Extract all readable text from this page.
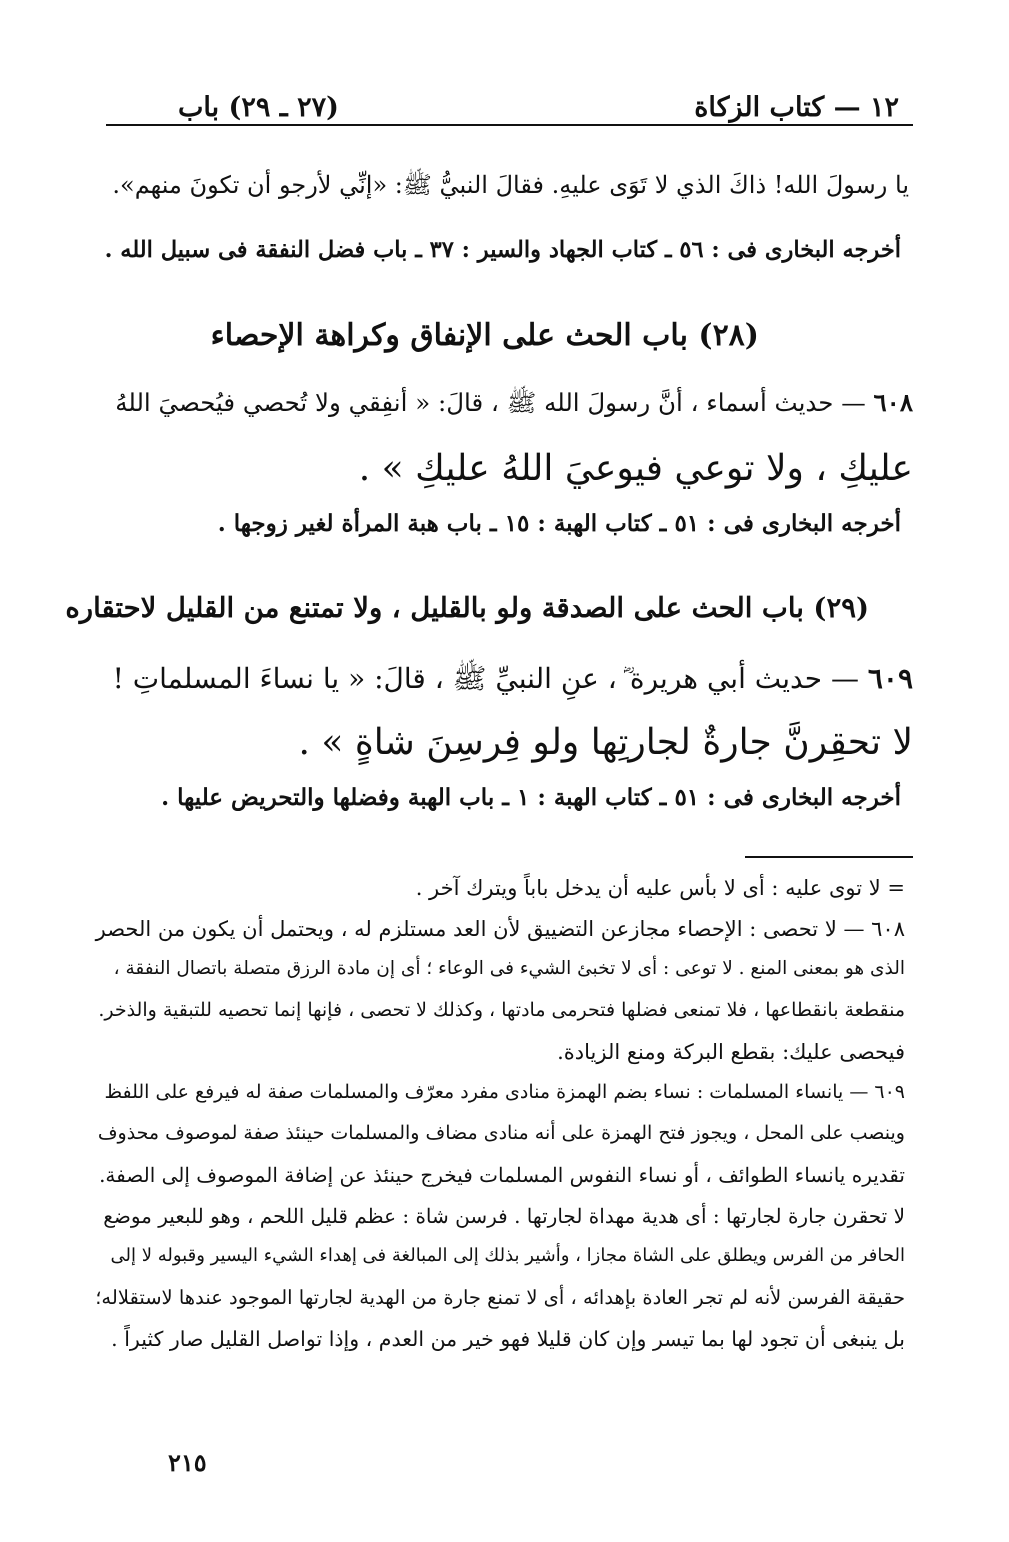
١٢ — كتاب الزكاة
(٢٧ ـ ٢٩) باب
يا رسولَ الله! ذاكَ الذي لا تَوَى عليهِ. فقالَ النبيُّ ﷺ: «إنِّي لأرجو أن تكونَ منهم».
أخرجه البخارى فى : ٥٦ ـ كتاب الجهاد والسير : ٣٧ ـ باب فضل النفقة فى سبيل الله .
(٢٨) باب الحث على الإنفاق وكراهة الإحصاء
٦٠٨ — حديث أسماء ، أنَّ رسولَ الله ﷺ ، قالَ: « أنفِقي ولا تُحصي فيُحصيَ اللهُ
عليكِ ، ولا توعي فيوعيَ اللهُ عليكِ » .
أخرجه البخارى فى : ٥١ ـ كتاب الهبة : ١٥ ـ باب هبة المرأة لغير زوجها .
(٢٩) باب الحث على الصدقة ولو بالقليل ، ولا تمتنع من القليل لاحتقاره
٦٠٩ — حديث أبي هريرة ؓ ، عنِ النبيِّ ﷺ ، قالَ: « يا نساءَ المسلماتِ !
لا تحقِرنَّ جارةٌ لجارتِها ولو فِرسِنَ شاةٍ » .
أخرجه البخارى فى : ٥١ ـ كتاب الهبة : ١ ـ باب الهبة وفضلها والتحريض عليها .
= لا توى عليه : أى لا بأس عليه أن يدخل باباً ويترك آخر .
٦٠٨ — لا تحصى : الإحصاء مجازعن التضييق لأن العد مستلزم له ، ويحتمل أن يكون من الحصر
الذى هو بمعنى المنع . لا توعى : أى لا تخبئ الشيء فى الوعاء ؛ أى إن مادة الرزق متصلة باتصال النفقة ،
منقطعة بانقطاعها ، فلا تمنعى فضلها فتحرمى مادتها ، وكذلك لا تحصى ، فإنها إنما تحصيه للتبقية والذخر.
فيحصى عليك: بقطع البركة ومنع الزيادة.
٦٠٩ — يانساء المسلمات : نساء بضم الهمزة منادى مفرد معرّف والمسلمات صفة له فيرفع على اللفظ
وينصب على المحل ، ويجوز فتح الهمزة على أنه منادى مضاف والمسلمات حينئذ صفة لموصوف محذوف
تقديره يانساء الطوائف ، أو نساء النفوس المسلمات فيخرج حينئذ عن إضافة الموصوف إلى الصفة.
لا تحقرن جارة لجارتها : أى هدية مهداة لجارتها . فرسن شاة : عظم قليل اللحم ، وهو للبعير موضع
الحافر من الفرس ويطلق على الشاة مجازا ، وأشير بذلك إلى المبالغة فى إهداء الشيء اليسير وقبوله لا إلى
حقيقة الفرسن لأنه لم تجر العادة بإهدائه ، أى لا تمنع جارة من الهدية لجارتها الموجود عندها لاستقلاله؛
بل ينبغى أن تجود لها بما تيسر وإن كان قليلا فهو خير من العدم ، وإذا تواصل القليل صار كثيراً .
٢١٥
